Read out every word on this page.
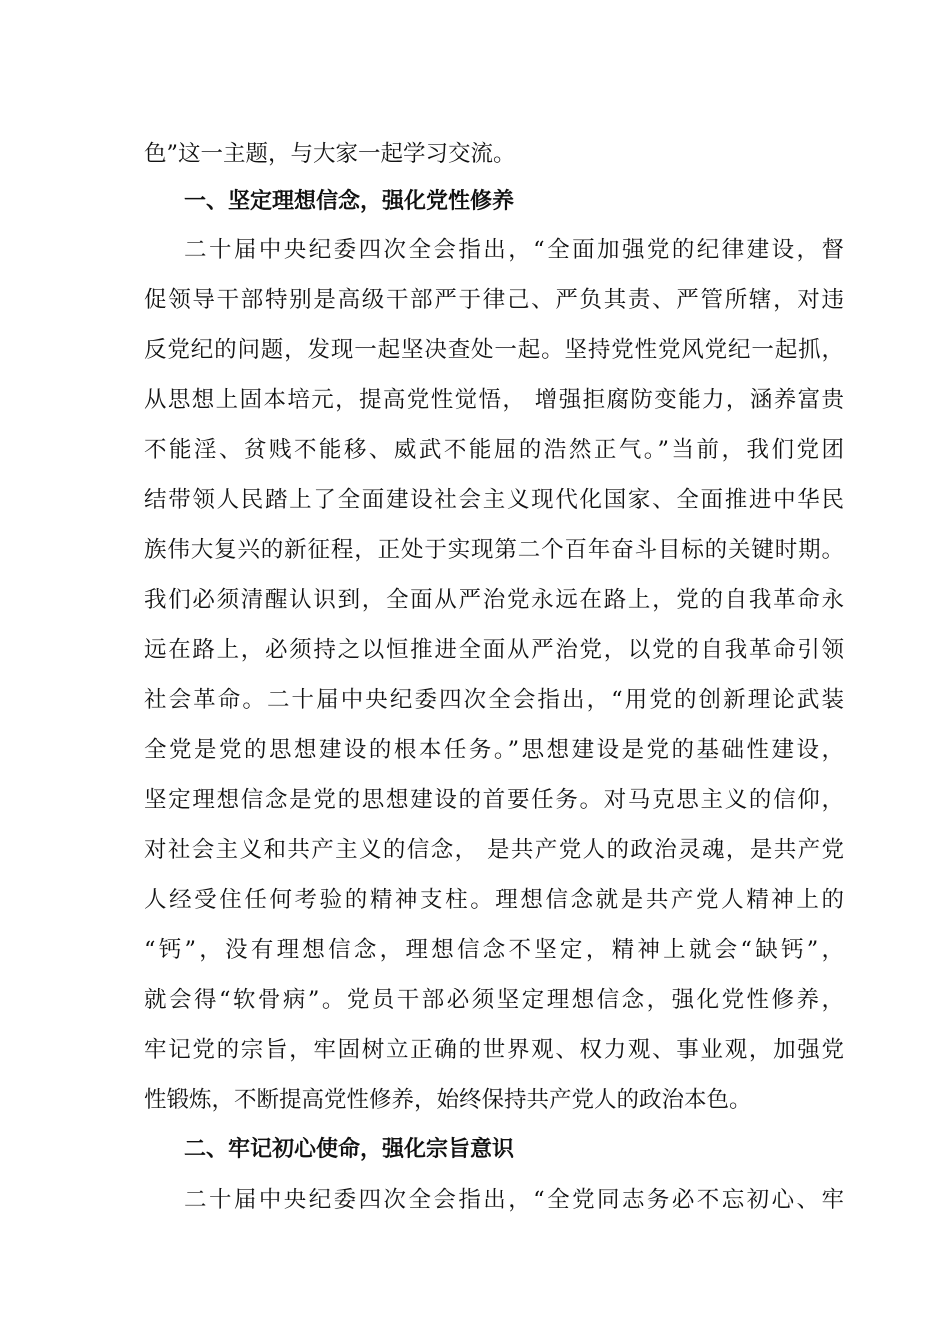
色”这一主题，与大家一起学习交流。
一、坚定理想信念，强化党性修养
二十届中央纪委四次全会指出，“全面加强党的纪律建设，督
促领导干部特别是高级干部严于律己、严负其责、严管所辖，对违
反党纪的问题，发现一起坚决查处一起。坚持党性党风党纪一起抓，
从思想上固本培元，提高党性觉悟， 增强拒腐防变能力，涵养富贵
不能淫、贫贱不能移、威武不能屈的浩然正气。”当前，我们党团
结带领人民踏上了全面建设社会主义现代化国家、全面推进中华民
族伟大复兴的新征程，正处于实现第二个百年奋斗目标的关键时期。
我们必须清醒认识到，全面从严治党永远在路上，党的自我革命永
远在路上，必须持之以恒推进全面从严治党，以党的自我革命引领
社会革命。二十届中央纪委四次全会指出，“用党的创新理论武装
全党是党的思想建设的根本任务。”思想建设是党的基础性建设，
坚定理想信念是党的思想建设的首要任务。对马克思主义的信仰，
对社会主义和共产主义的信念， 是共产党人的政治灵魂，是共产党
人经受住任何考验的精神支柱。理想信念就是共产党人精神上的
“钙”，没有理想信念，理想信念不坚定，精神上就会“缺钙”，
就会得“软骨病”。党员干部必须坚定理想信念，强化党性修养，
牢记党的宗旨，牢固树立正确的世界观、权力观、事业观，加强党
性锻炼，不断提高党性修养，始终保持共产党人的政治本色。
二、牢记初心使命，强化宗旨意识
二十届中央纪委四次全会指出，“全党同志务必不忘初心、牢
